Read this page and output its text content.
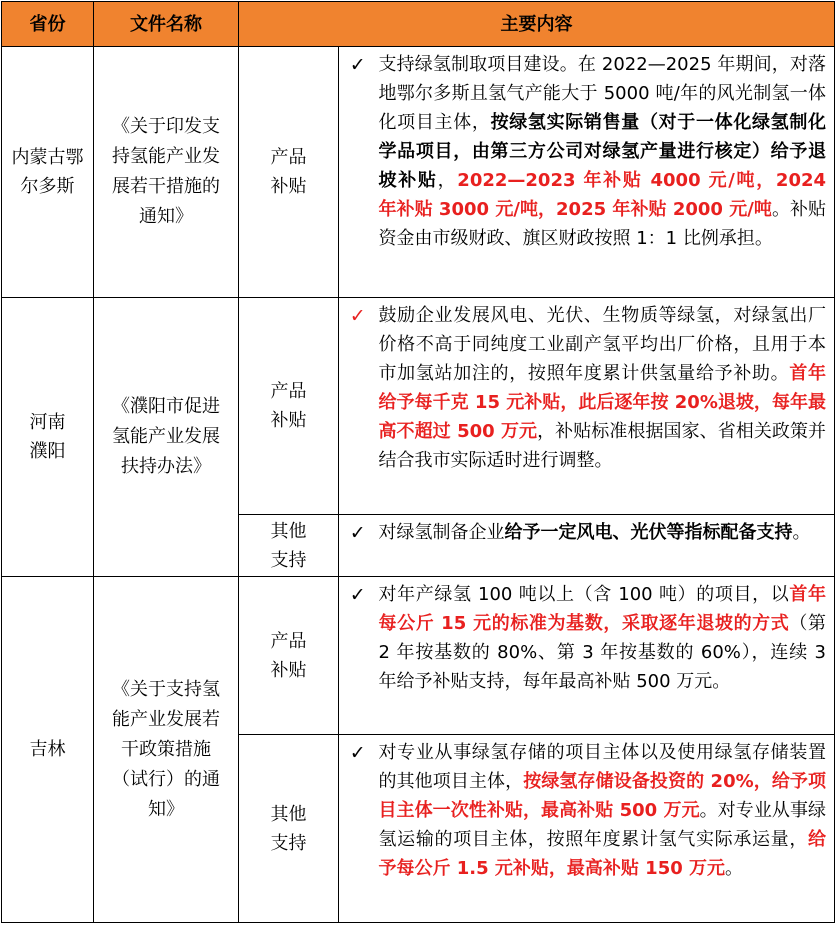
省份	文件名称	主要内容		
内蒙古鄂尔多斯	《关于印发支持氢能产业发展若干措施的通知》	产品补贴	✓	支持绿氢制取项目建设。在 2022—2025 年期间，对落地鄂尔多斯且氢气产能大于 5000 吨/年的风光制氢一体化项目主体，按绿氢实际销售量（对于一体化绿氢制化学品项目，由第三方公司对绿氢产量进行核定）给予退坡补贴，2022—2023 年补贴 4000 元/吨，2024 年补贴 3000 元/吨，2025 年补贴 2000 元/吨。补贴资金由市级财政、旗区财政按照 1：1 比例承担。
河南濮阳	《濮阳市促进氢能产业发展扶持办法》	产品补贴	✓	鼓励企业发展风电、光伏、生物质等绿氢，对绿氢出厂价格不高于同纯度工业副产氢平均出厂价格，且用于本市加氢站加注的，按照年度累计供氢量给予补助。首年给予每千克 15 元补贴，此后逐年按 20%退坡，每年最高不超过 500 万元，补贴标准根据国家、省相关政策并结合我市实际适时进行调整。
		其他支持	✓	对绿氢制备企业给予一定风电、光伏等指标配备支持。
吉林	《关于支持氢能产业发展若干政策措施（试行）的通知》	产品补贴	✓	对年产绿氢 100 吨以上（含 100 吨）的项目，以首年每公斤 15 元的标准为基数，采取逐年退坡的方式（第 2 年按基数的 80%、第 3 年按基数的 60%），连续 3 年给予补贴支持，每年最高补贴 500 万元。
		其他支持	✓	对专业从事绿氢存储的项目主体以及使用绿氢存储装置的其他项目主体，按绿氢存储设备投资的 20%，给予项目主体一次性补贴，最高补贴 500 万元。对专业从事绿氢运输的项目主体，按照年度累计氢气实际承运量，给予每公斤 1.5 元补贴，最高补贴 150 万元。
